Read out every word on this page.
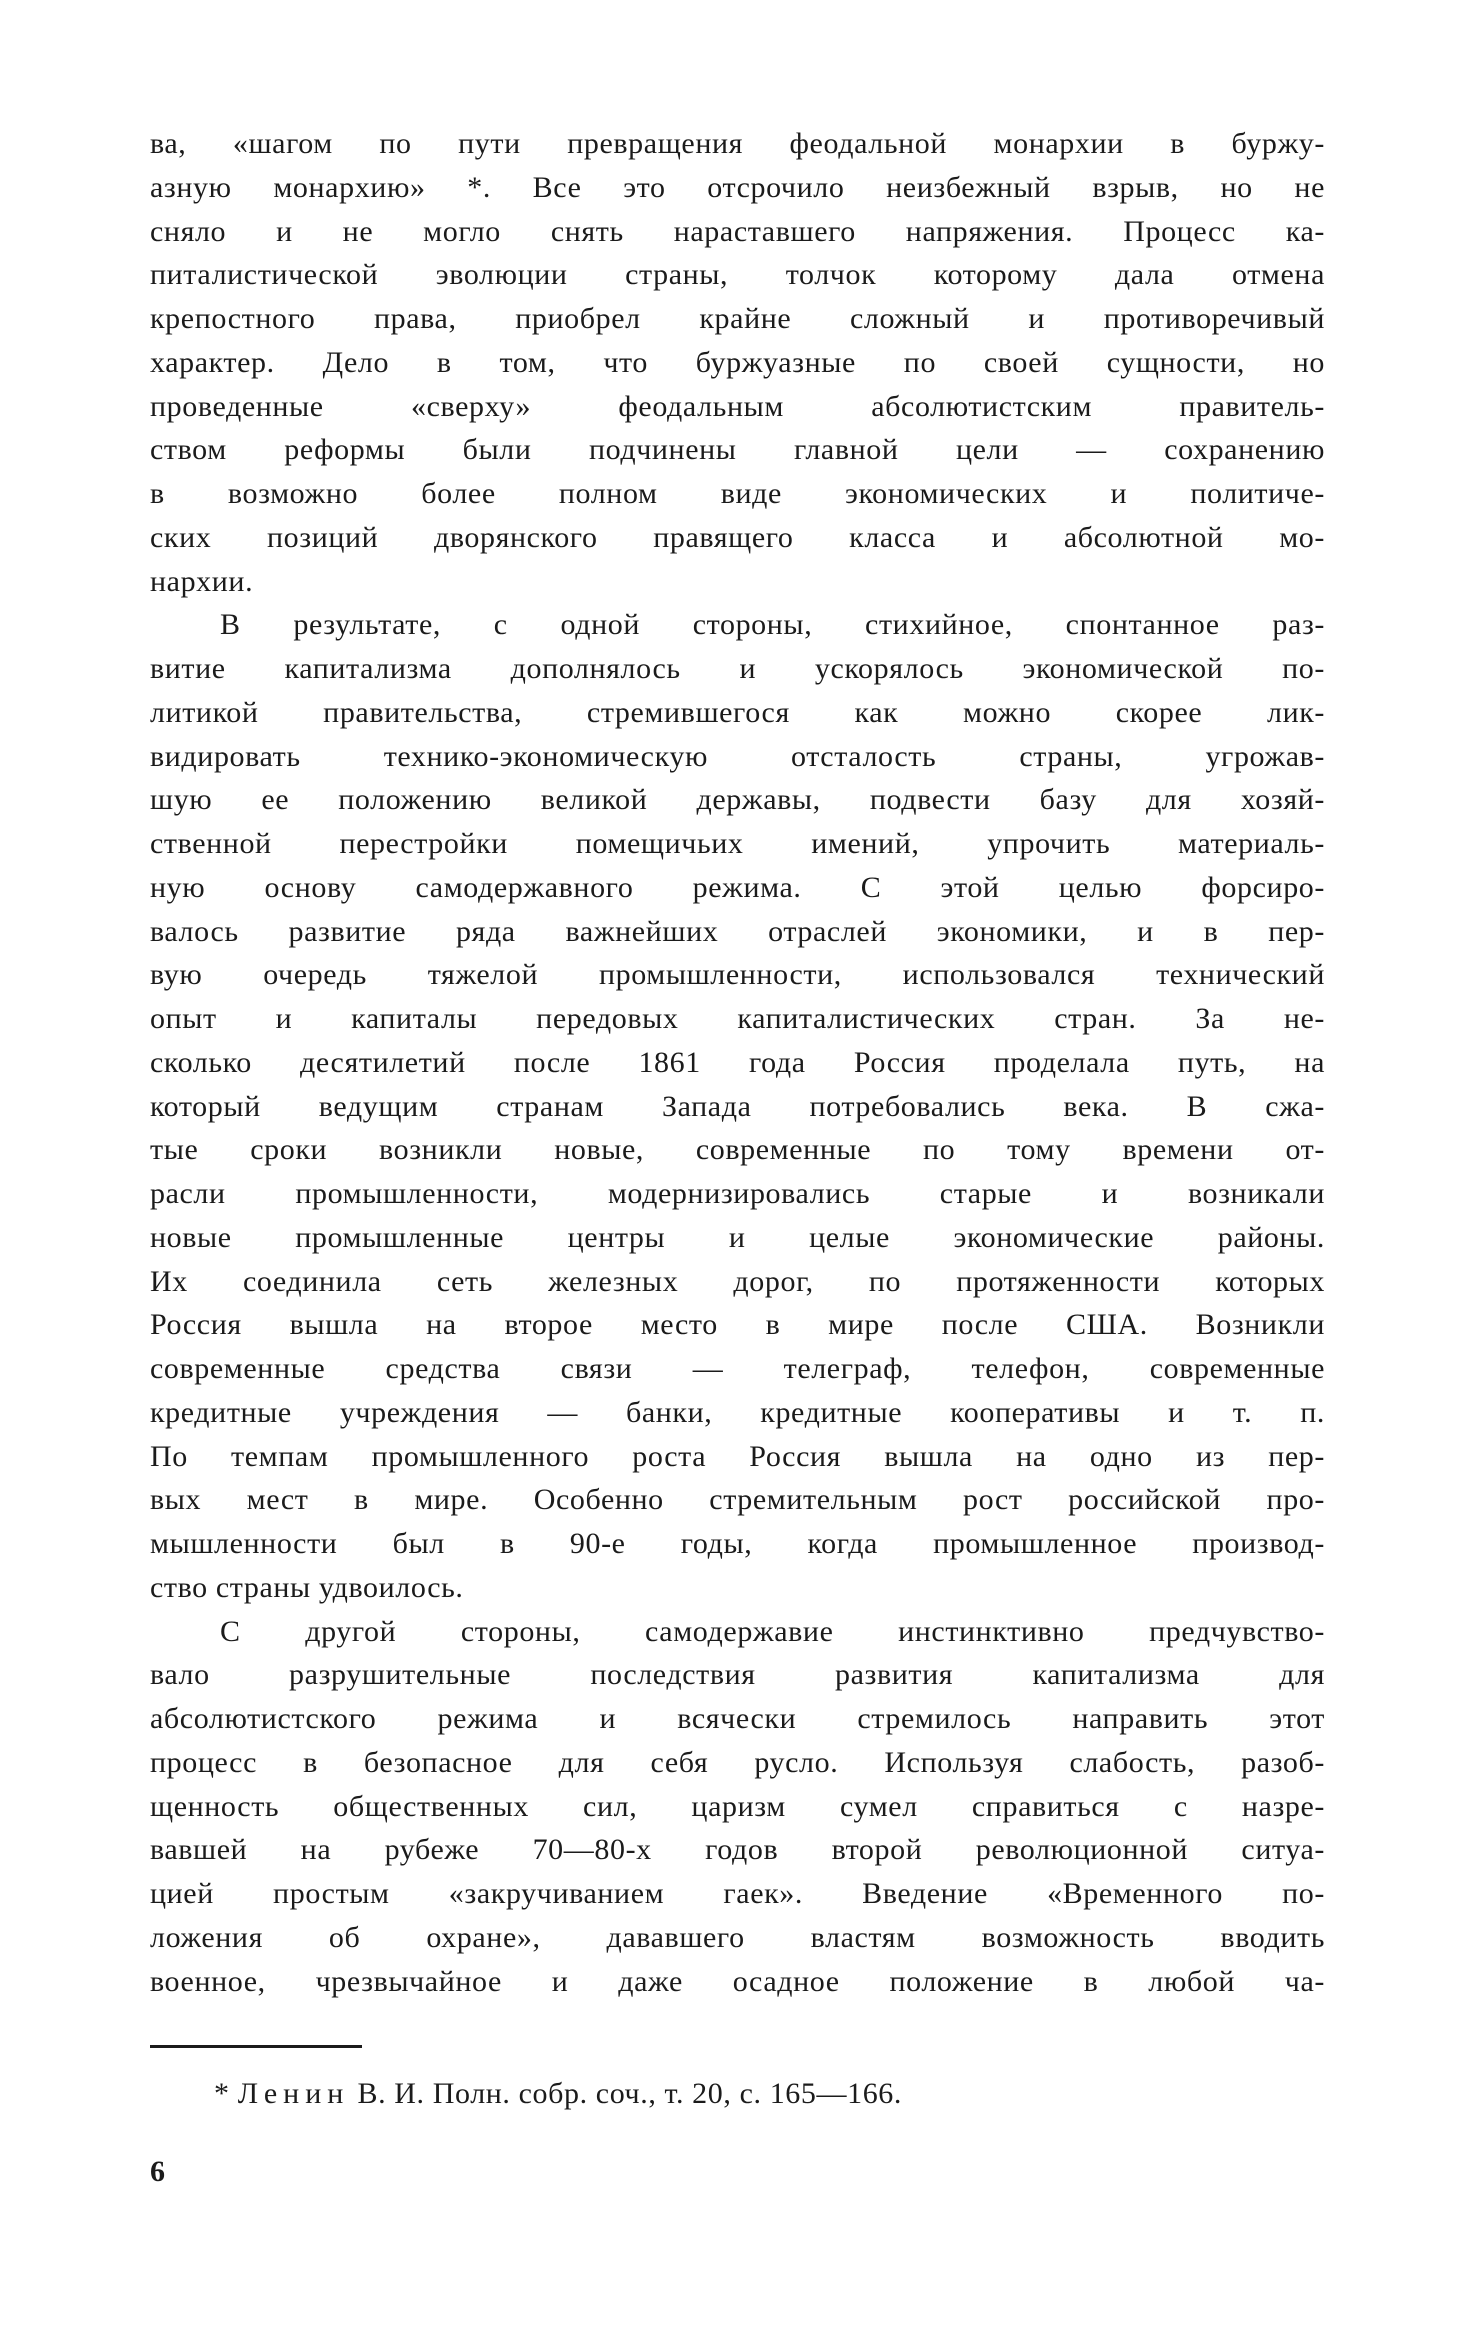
ва, «шагом по пути превращения феодальной монархии в буржу-
азную монархию» *. Все это отсрочило неизбежный взрыв, но не
сняло и не могло снять нараставшего напряжения. Процесс ка-
питалистической эволюции страны, толчок которому дала отмена
крепостного права, приобрел крайне сложный и противоречивый
характер. Дело в том, что буржуазные по своей сущности, но
проведенные «сверху» феодальным абсолютистским правитель-
ством реформы были подчинены главной цели — сохранению
в возможно более полном виде экономических и политиче-
ских позиций дворянского правящего класса и абсолютной мо-
нархии.
В результате, с одной стороны, стихийное, спонтанное раз-
витие капитализма дополнялось и ускорялось экономической по-
литикой правительства, стремившегося как можно скорее лик-
видировать технико-экономическую отсталость страны, угрожав-
шую ее положению великой державы, подвести базу для хозяй-
ственной перестройки помещичьих имений, упрочить материаль-
ную основу самодержавного режима. С этой целью форсиро-
валось развитие ряда важнейших отраслей экономики, и в пер-
вую очередь тяжелой промышленности, использовался технический
опыт и капиталы передовых капиталистических стран. За не-
сколько десятилетий после 1861 года Россия проделала путь, на
который ведущим странам Запада потребовались века. В сжа-
тые сроки возникли новые, современные по тому времени от-
расли промышленности, модернизировались старые и возникали
новые промышленные центры и целые экономические районы.
Их соединила сеть железных дорог, по протяженности которых
Россия вышла на второе место в мире после США. Возникли
современные средства связи — телеграф, телефон, современные
кредитные учреждения — банки, кредитные кооперативы и т. п.
По темпам промышленного роста Россия вышла на одно из пер-
вых мест в мире. Особенно стремительным рост российской про-
мышленности был в 90-е годы, когда промышленное производ-
ство страны удвоилось.
С другой стороны, самодержавие инстинктивно предчувство-
вало разрушительные последствия развития капитализма для
абсолютистского режима и всячески стремилось направить этот
процесс в безопасное для себя русло. Используя слабость, разоб-
щенность общественных сил, царизм сумел справиться с назре-
вавшей на рубеже 70—80-х годов второй революционной ситуа-
цией простым «закручиванием гаек». Введение «Временного по-
ложения об охране», дававшего властям возможность вводить
военное, чрезвычайное и даже осадное положение в любой ча-
* Ленин В. И. Полн. собр. соч., т. 20, с. 165—166.
6
